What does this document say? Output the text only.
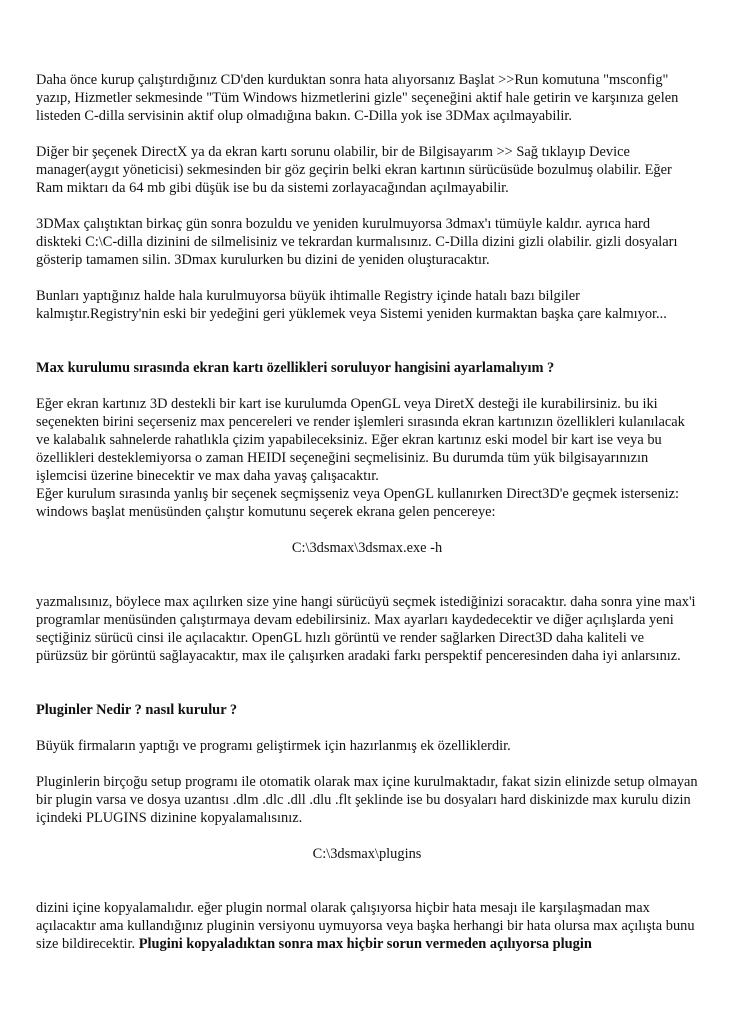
Daha önce kurup çalıştırdığınız CD'den kurduktan sonra hata alıyorsanız Başlat >>Run komutuna "msconfig" yazıp, Hizmetler sekmesinde "Tüm Windows hizmetlerini gizle" seçeneğini aktif hale getirin ve karşınıza gelen listeden C-dilla servisinin aktif olup olmadığına bakın. C-Dilla yok ise 3DMax açılmayabilir.

Diğer bir şeçenek DirectX ya da ekran kartı sorunu olabilir, bir de Bilgisayarım >> Sağ tıklayıp Device manager(aygıt yöneticisi) sekmesinden bir göz geçirin belki ekran kartının sürücüsüde bozulmuş olabilir. Eğer Ram miktarı da 64 mb gibi düşük ise bu da sistemi zorlayacağından açılmayabilir.

3DMax çalıştıktan birkaç gün sonra bozuldu ve yeniden kurulmuyorsa 3dmax'ı tümüyle kaldır. ayrıca hard diskteki C:\C-dilla dizinini de silmelisiniz ve tekrardan kurmalısınız. C-Dilla dizini gizli olabilir. gizli dosyaları gösterip tamamen silin. 3Dmax kurulurken bu dizini de yeniden oluşturacaktır.

Bunları yaptığınız halde hala kurulmuyorsa büyük ihtimalle Registry içinde hatalı bazı bilgiler kalmıştır.Registry'nin eski bir yedeğini geri yüklemek veya Sistemi yeniden kurmaktan başka çare kalmıyor...

Max kurulumu sırasında ekran kartı özellikleri soruluyor hangisini ayarlamalıyım ?

Eğer ekran kartınız 3D destekli bir kart ise kurulumda OpenGL veya DiretX desteği ile kurabilirsiniz. bu iki seçenekten birini seçerseniz max pencereleri ve render işlemleri sırasında ekran kartınızın özellikleri kulanılacak ve kalabalık sahnelerde rahatlıkla çizim yapabileceksiniz. Eğer ekran kartınız eski model bir kart ise veya bu özellikleri desteklemiyorsa o zaman HEIDI seçeneğini seçmelisiniz. Bu durumda tüm yük bilgisayarınızın işlemcisi üzerine binecektir ve max daha yavaş çalışacaktır.

Eğer kurulum sırasında yanlış bir seçenek seçmişseniz veya OpenGL kullanırken Direct3D'e geçmek isterseniz: windows başlat menüsünden çalıştır komutunu seçerek ekrana gelen pencereye:

C:\3dsmax\3dsmax.exe -h

yazmalısınız, böylece max açılırken size yine hangi sürücüyü seçmek istediğinizi soracaktır. daha sonra yine max'i programlar menüsünden çalıştırmaya devam edebilirsiniz. Max ayarları kaydedecektir ve diğer açılışlarda yeni seçtiğiniz sürücü cinsi ile açılacaktır. OpenGL hızlı görüntü ve render sağlarken Direct3D daha kaliteli ve pürüzsüz bir görüntü sağlayacaktır, max ile çalışırken aradaki farkı perspektif penceresinden daha iyi anlarsınız.

Pluginler Nedir ? nasıl kurulur ?

Büyük firmaların yaptığı ve programı geliştirmek için hazırlanmış ek özelliklerdir.

Pluginlerin birçoğu setup programı ile otomatik olarak max içine kurulmaktadır, fakat sizin elinizde setup olmayan bir plugin varsa ve dosya uzantısı .dlm .dlc .dll .dlu .flt şeklinde ise bu dosyaları hard diskinizde max kurulu dizin içindeki PLUGINS dizinine kopyalamalısınız.

C:\3dsmax\plugins

dizini içine kopyalamalıdır. eğer plugin normal olarak çalışıyorsa hiçbir hata mesajı ile karşılaşmadan max açılacaktır ama kullandığınız pluginin versiyonu uymuyorsa veya başka herhangi bir hata olursa max açılışta bunu size bildirecektir. Plugini kopyaladıktan sonra max hiçbir sorun vermeden açılıyorsa plugin
